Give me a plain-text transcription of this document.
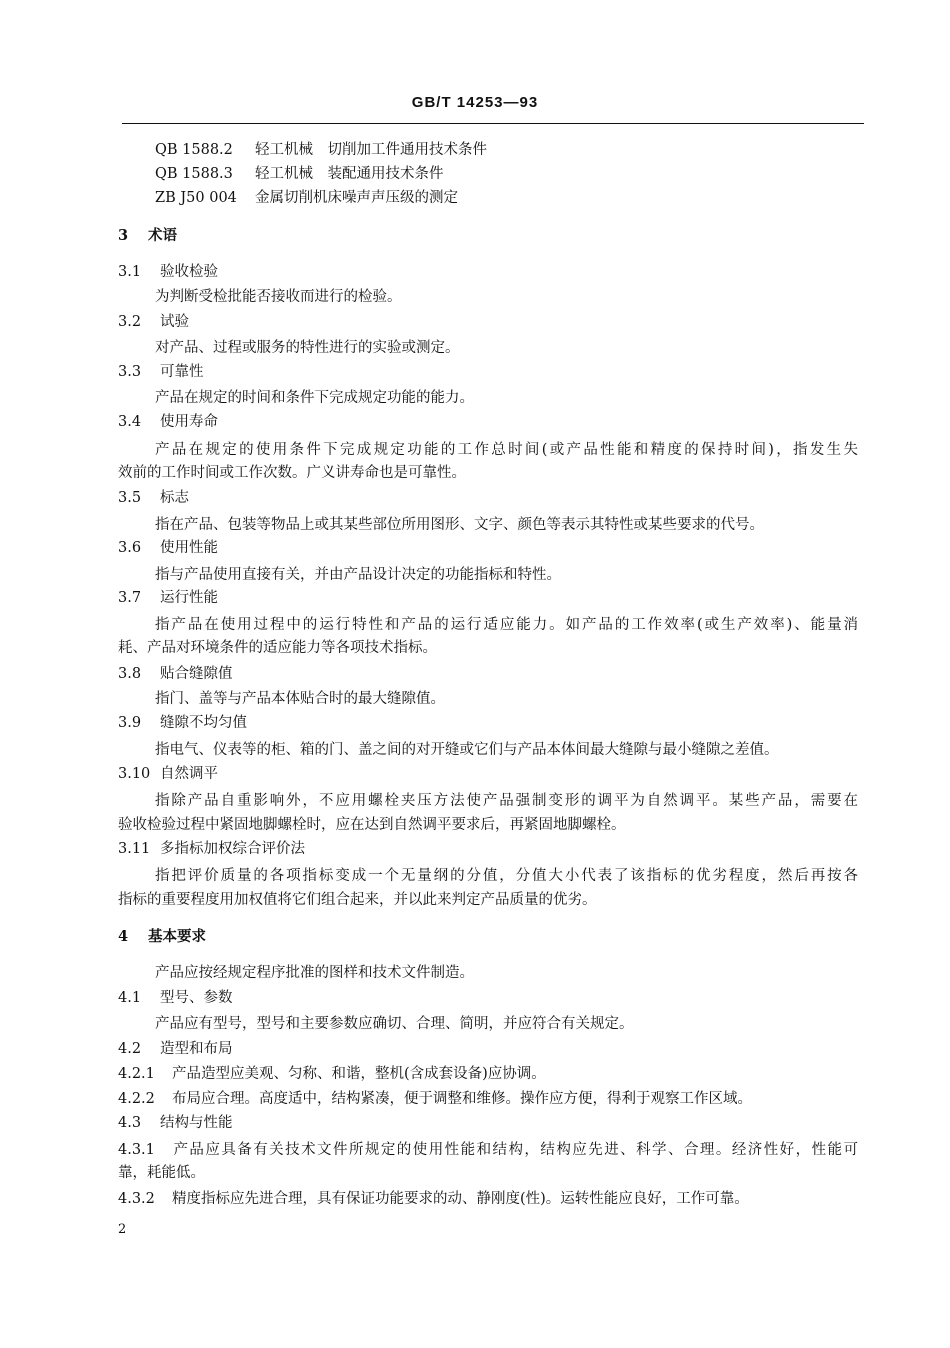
GB/T 14253—93
QB 1588.2 轻工机械　切削加工件通用技术条件
QB 1588.3 轻工机械　装配通用技术条件
ZB J50 004 金属切削机床噪声声压级的测定
3 术语
3.1 验收检验
为判断受检批能否接收而进行的检验。
3.2 试验
对产品、过程或服务的特性进行的实验或测定。
3.3 可靠性
产品在规定的时间和条件下完成规定功能的能力。
3.4 使用寿命
产品在规定的使用条件下完成规定功能的工作总时间(或产品性能和精度的保持时间)，指发生失
效前的工作时间或工作次数。广义讲寿命也是可靠性。
3.5 标志
指在产品、包装等物品上或其某些部位所用图形、文字、颜色等表示其特性或某些要求的代号。
3.6 使用性能
指与产品使用直接有关，并由产品设计决定的功能指标和特性。
3.7 运行性能
指产品在使用过程中的运行特性和产品的运行适应能力。如产品的工作效率(或生产效率)、能量消
耗、产品对环境条件的适应能力等各项技术指标。
3.8 贴合缝隙值
指门、盖等与产品本体贴合时的最大缝隙值。
3.9 缝隙不均匀值
指电气、仪表等的柜、箱的门、盖之间的对开缝或它们与产品本体间最大缝隙与最小缝隙之差值。
3.10 自然调平
指除产品自重影响外，不应用螺栓夹压方法使产品强制变形的调平为自然调平。某些产品，需要在
验收检验过程中紧固地脚螺栓时，应在达到自然调平要求后，再紧固地脚螺栓。
3.11 多指标加权综合评价法
指把评价质量的各项指标变成一个无量纲的分值，分值大小代表了该指标的优劣程度，然后再按各
指标的重要程度用加权值将它们组合起来，并以此来判定产品质量的优劣。
4 基本要求
产品应按经规定程序批准的图样和技术文件制造。
4.1 型号、参数
产品应有型号，型号和主要参数应确切、合理、简明，并应符合有关规定。
4.2 造型和布局
4.2.1 产品造型应美观、匀称、和谐，整机(含成套设备)应协调。
4.2.2 布局应合理。高度适中，结构紧凑，便于调整和维修。操作应方便，得利于观察工作区域。
4.3 结构与性能
4.3.1 产品应具备有关技术文件所规定的使用性能和结构，结构应先进、科学、合理。经济性好，性能可
靠，耗能低。
4.3.2 精度指标应先进合理，具有保证功能要求的动、静刚度(性)。运转性能应良好，工作可靠。
2
